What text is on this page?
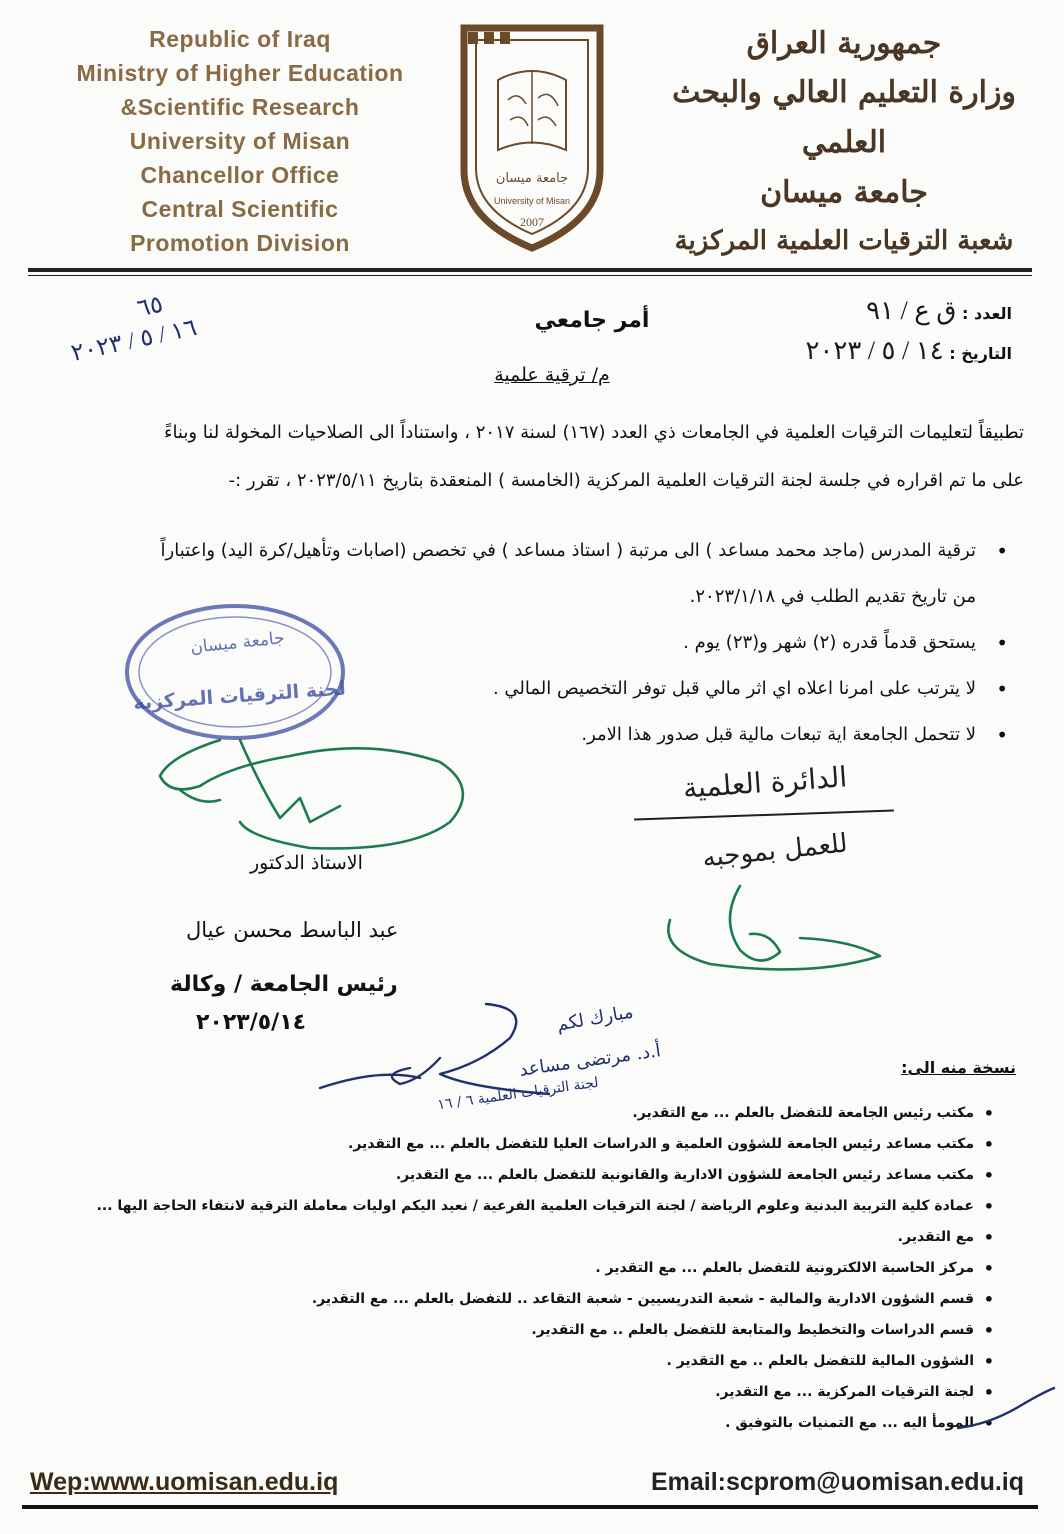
Republic of Iraq
Ministry of Higher Education
&Scientific Research
University of Misan
Chancellor Office
Central Scientific
Promotion Division
جامعة ميسان
University of Misan
2007
جمهورية العراق
وزارة التعليم العالي والبحث العلمي
جامعة ميسان
شعبة الترقيات العلمية المركزية
العدد : ق ع / ٩١
التاريخ : ١٤ / ٥ / ٢٠٢٣
٦٥
١٦ / ٥ / ٢٠٢٣	أمر جامعي
م/ ترقية علمية
تطبيقاً لتعليمات الترقيات العلمية في الجامعات ذي العدد (١٦٧) لسنة ٢٠١٧ ، واستناداً الى الصلاحيات المخولة لنا وبناءً
على ما تم اقراره في جلسة لجنة الترقيات العلمية المركزية (الخامسة ) المنعقدة بتاريخ ٢٠٢٣/٥/١١ ، تقرر :-
• ترقية المدرس (ماجد محمد مساعد ) الى مرتبة ( استاذ مساعد ) في تخصص (اصابات وتأهيل/كرة اليد) واعتباراً
من تاريخ تقديم الطلب في ٢٠٢٣/١/١٨.
• يستحق قدماً قدره (٢) شهر و(٢٣) يوم .
• لا يترتب على امرنا اعلاه اي اثر مالي قبل توفر التخصيص المالي .
• لا تتحمل الجامعة اية تبعات مالية قبل صدور هذا الامر.
جامعة ميسان
لجنة الترقيات المركزية
الاستاذ الدكتور
عبد الباسط محسن عيال
رئيس الجامعة / وكالة
٢٠٢٣/٥/١٤
الدائرة العلمية
للعمل بموجبه
مبارك لكم
أ.د. مرتضى مساعد
لجنة الترقيات العلمية ٦ / ١٦
نسخة منه الى:
• مكتب رئيس الجامعة للتفضل بالعلم ... مع التقدير.
• مكتب مساعد رئيس الجامعة للشؤون العلمية و الدراسات العليا للتفضل بالعلم ... مع التقدير.
• مكتب مساعد رئيس الجامعة للشؤون الادارية والقانونية للتفضل بالعلم ... مع التقدير.
• عمادة كلية التربية البدنية وعلوم الرياضة / لجنة الترقيات العلمية الفرعية / نعيد اليكم اوليات معاملة الترقية لانتفاء الحاجة اليها ...
• مع التقدير.
• مركز الحاسبة الالكترونية للتفضل بالعلم ... مع التقدير .
• قسم الشؤون الادارية والمالية - شعبة التدريسيين - شعبة التقاعد .. للتفضل بالعلم ... مع التقدير.
• قسم الدراسات والتخطيط والمتابعة للتفضل بالعلم .. مع التقدير.
• الشؤون المالية للتفضل بالعلم .. مع التقدير .
• لجنة الترقيات المركزية ... مع التقدير.
• المومأ اليه ... مع التمنيات بالتوفيق .
Wep:www.uomisan.edu.iq	Email:scprom@uomisan.edu.iq
